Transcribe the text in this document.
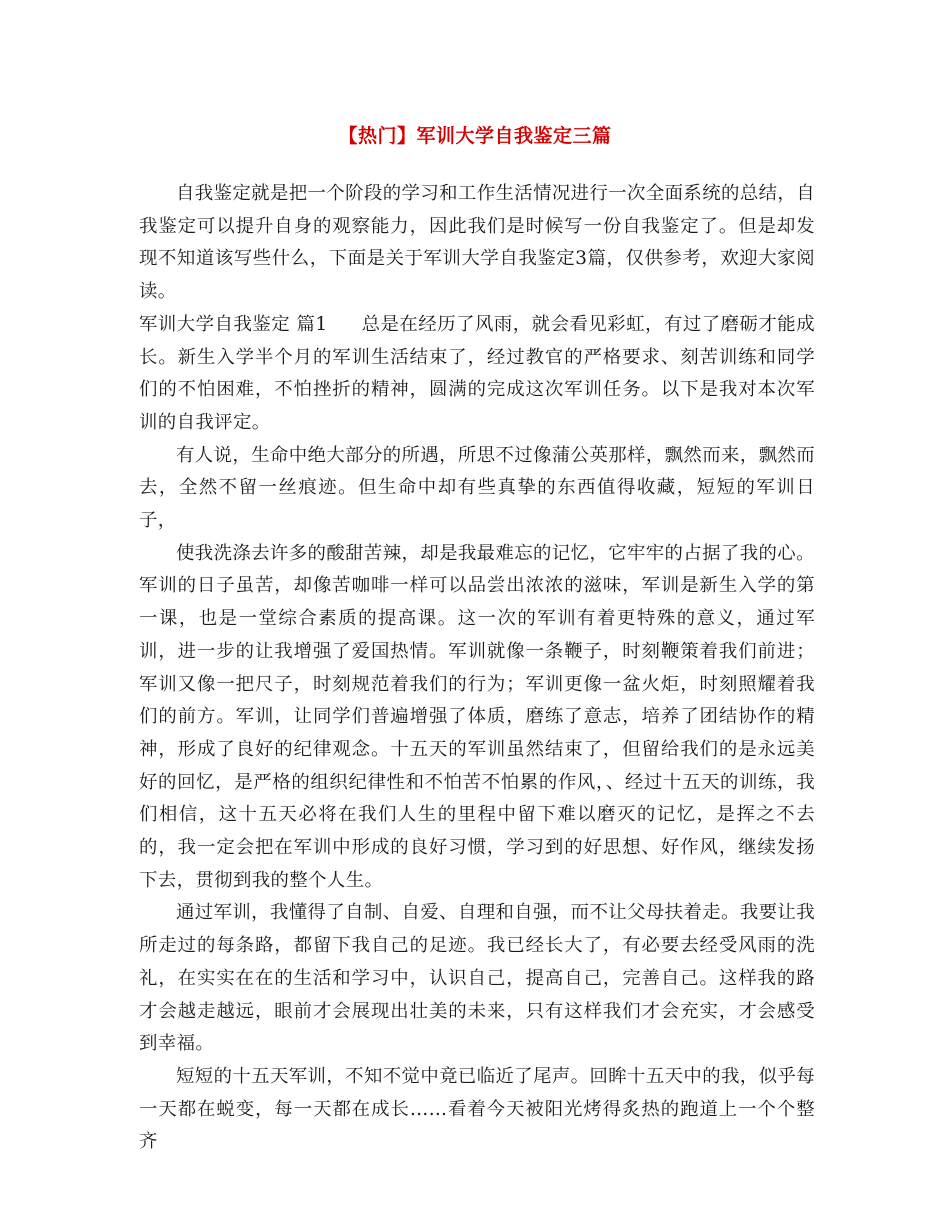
【热门】军训大学自我鉴定三篇

自我鉴定就是把一个阶段的学习和工作生活情况进行一次全面系统的总结，自我鉴定可以提升自身的观察能力，因此我们是时候写一份自我鉴定了。但是却发现不知道该写些什么，下面是关于军训大学自我鉴定3篇，仅供参考，欢迎大家阅读。

军训大学自我鉴定 篇1 总是在经历了风雨，就会看见彩虹，有过了磨砺才能成长。新生入学半个月的军训生活结束了，经过教官的严格要求、刻苦训练和同学们的不怕困难，不怕挫折的精神，圆满的完成这次军训任务。以下是我对本次军训的自我评定。

有人说，生命中绝大部分的所遇，所思不过像蒲公英那样，飘然而来，飘然而去，全然不留一丝痕迹。但生命中却有些真挚的东西值得收藏，短短的军训日子，

使我洗涤去许多的酸甜苦辣，却是我最难忘的记忆，它牢牢的占据了我的心。

军训的日子虽苦，却像苦咖啡一样可以品尝出浓浓的滋味，军训是新生入学的第一课，也是一堂综合素质的提高课。这一次的军训有着更特殊的意义，通过军训，进一步的让我增强了爱国热情。军训就像一条鞭子，时刻鞭策着我们前进；军训又像一把尺子，时刻规范着我们的行为；军训更像一盆火炬，时刻照耀着我们的前方。军训，让同学们普遍增强了体质，磨练了意志，培养了团结协作的精神，形成了良好的纪律观念。十五天的军训虽然结束了，但留给我们的是永远美好的回忆，是严格的组织纪律性和不怕苦不怕累的作风，、经过十五天的训练，我们相信，这十五天必将在我们人生的里程中留下难以磨灭的记忆，是挥之不去的，我一定会把在军训中形成的良好习惯，学习到的好思想、好作风，继续发扬下去，贯彻到我的整个人生。

通过军训，我懂得了自制、自爱、自理和自强，而不让父母扶着走。我要让我所走过的每条路，都留下我自己的足迹。我已经长大了，有必要去经受风雨的洗礼，在实实在在的生活和学习中，认识自己，提高自己，完善自己。这样我的路才会越走越远，眼前才会展现出壮美的未来，只有这样我们才会充实，才会感受到幸福。

短短的十五天军训，不知不觉中竟已临近了尾声。回眸十五天中的我，似乎每一天都在蜕变，每一天都在成长……看着今天被阳光烤得炙热的跑道上一个个整齐
